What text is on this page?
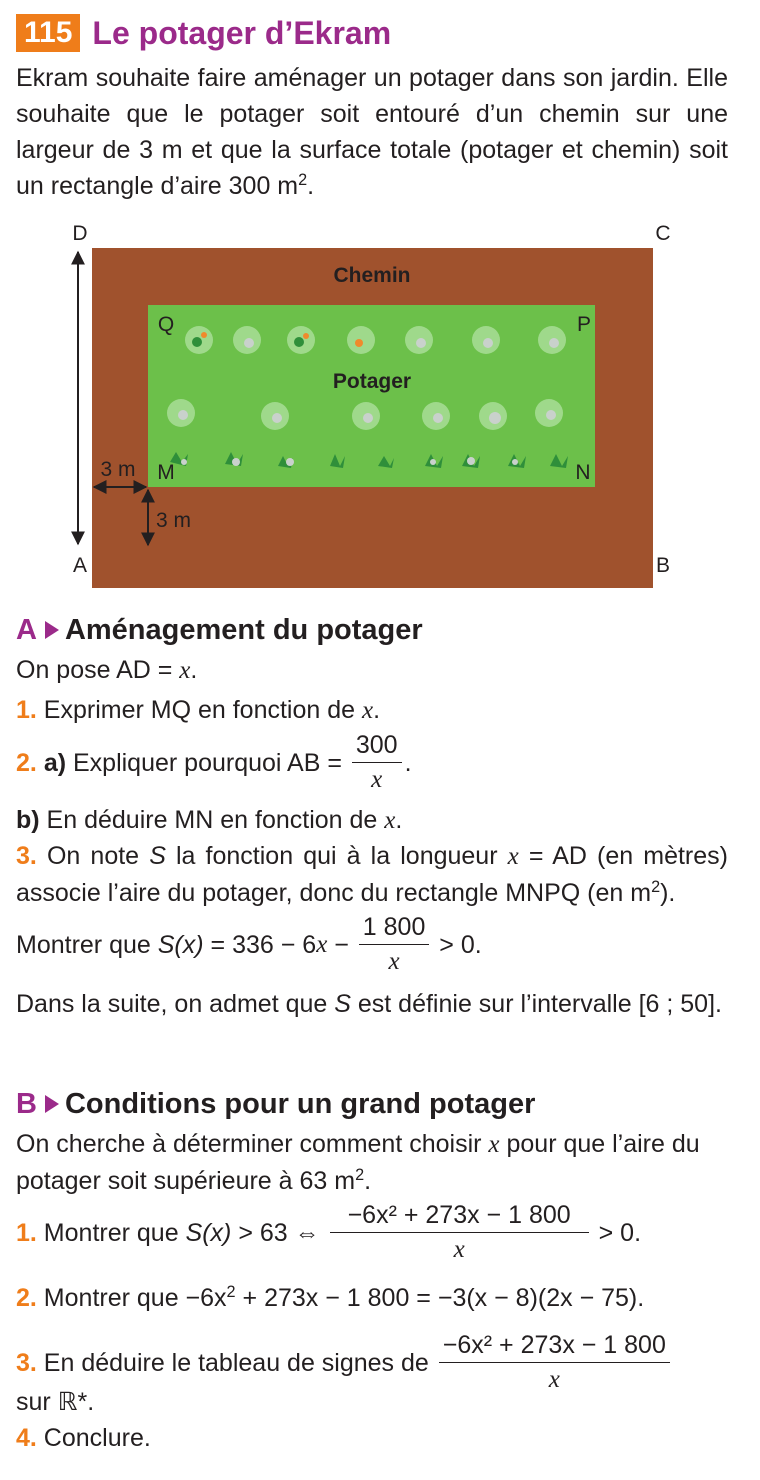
115 Le potager d’Ekram

Ekram souhaite faire aménager un potager dans son jardin. Elle souhaite que le potager soit entouré d’un chemin sur une largeur de 3 m et que la surface totale (potager et chemin) soit un rectangle d’aire 300 $m^2$.

Chemin
Potager
D	C
A	B
Q	P
M	N
3 m
3 m
A Aménagement du potager
On pose AD = x.
1. Exprimer MQ en fonction de x.
2.
a) Expliquer pourquoi AB = $\frac{300}{x}$ .
b) En déduire MN en fonction de x.

3. On note S la fonction qui à la longueur x = AD (en mètres) associe l’aire du potager, donc du rectangle MNPQ (en $m^2$).

Montrer que S(x) = 336 − 6 $x - \frac{1 800}{x} > 0$.

Dans la suite, on admet que S est définie sur l’intervalle [6 ; 50].

B Conditions pour un grand potager

On cherche à déterminer comment choisir x pour que l’aire du potager soit supérieure à 63 $m^2$.

1. Montrer que S(x) > 63 ⇔ $\frac{\text{−6x² + 273x − 1 800}}{x} > 0$.
2. Montrer que $-6x^2 + 273x - 1$ 800 = −3(x − 8)(2x − 75).
3. En déduire le tableau de signes de
$\frac{\text{−6x² + 273x − 1 800}}{x}$
sur ℝ*.
4. Conclure.
